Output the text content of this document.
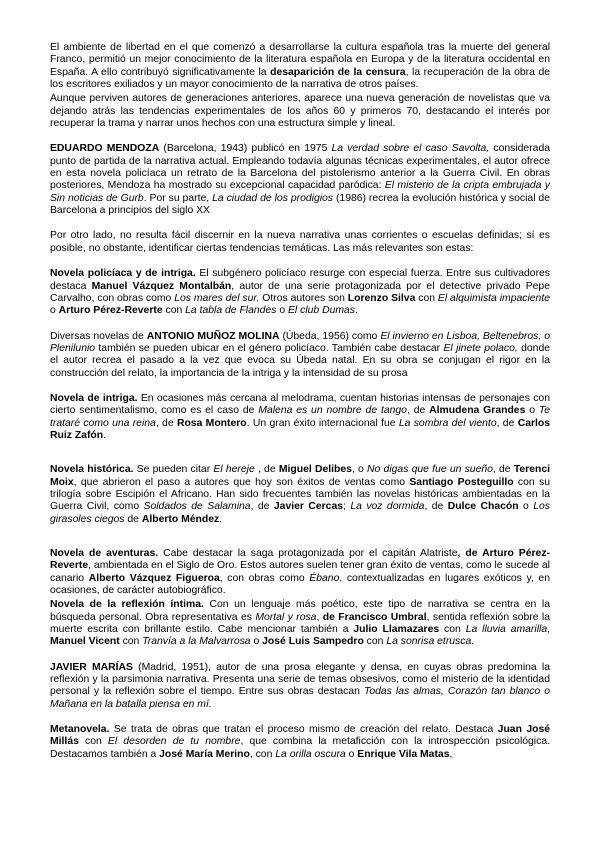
El ambiente de libertad en el que comenzó a desarrollarse la cultura española tras la muerte del general Franco, permitió un mejor conocimiento de la literatura española en Europa y de la literatura occidental en España. A ello contribuyó significativamente la desaparición de la censura, la recuperación de la obra de los escritores exiliados y un mayor conocimiento de la narrativa de otros países.

Aunque perviven autores de generaciones anteriores, aparece una nueva generación de novelistas que va dejando atrás las tendencias experimentales de los años 60 y primeros 70, destacando el interés por recuperar la trama y narrar unos hechos con una estructura simple y lineal.

EDUARDO MENDOZA (Barcelona, 1943) publicó en 1975 La verdad sobre el caso Savolta, considerada punto de partida de la narrativa actual. Empleando todavía algunas técnicas experimentales, el autor ofrece en esta novela policíaca un retrato de la Barcelona del pistolerismo anterior a la Guerra Civil. En obras posteriores, Mendoza ha mostrado su excepcional capacidad paródica: El misterio de la cripta embrujada y Sin noticias de Gurb. Por su parte, La ciudad de los prodigios (1986) recrea la evolución histórica y social de Barcelona a principios del siglo XX

Por otro lado, no resulta fácil discernir en la nueva narrativa unas corrientes o escuelas definidas; sí es posible, no obstante, identificar ciertas tendencias temáticas. Las más relevantes son estas:

Novela policíaca y de intriga. El subgénero policíaco resurge con especial fuerza. Entre sus cultivadores destaca Manuel Vázquez Montalbán, autor de una serie protagonizada por el detective privado Pepe Carvalho, con obras como Los mares del sur. Otros autores son Lorenzo Silva con El alquimista impaciente o Arturo Pérez-Reverte con La tabla de Flandes o El club Dumas.

Diversas novelas de ANTONIO MUÑOZ MOLINA (Úbeda, 1956) como El invierno en Lisboa, Beltenebros, o Plenilunio también se pueden ubicar en el género policíaco. También cabe destacar El jinete polaco, donde el autor recrea el pasado a la vez que evoca su Úbeda natal. En su obra se conjugan el rigor en la construcción del relato, la importancia de la intriga y la intensidad de su prosa

Novela de intriga. En ocasiones más cercana al melodrama, cuentan historias intensas de personajes con cierto sentimentalismo, como es el caso de Malena es un nombre de tango, de Almudena Grandes o Te trataré como una reina, de Rosa Montero. Un gran éxito internacional fue La sombra del viento, de Carlos Ruiz Zafón.

Novela histórica. Se pueden citar El hereje , de Miguel Delibes, o No digas que fue un sueño, de Terenci Moix, que abrieron el paso a autores que hoy son éxitos de ventas como Santiago Posteguillo con su trilogía sobre Escipión el Africano. Han sido frecuentes también las novelas históricas ambientadas en la Guerra Civil, como Soldados de Salamina, de Javier Cercas; La voz dormida, de Dulce Chacón o Los girasoles ciegos de Alberto Méndez.

Novela de aventuras. Cabe destacar la saga protagonizada por el capitán Alatriste, de Arturo Pérez-Reverte, ambientada en el Siglo de Oro. Estos autores suelen tener gran éxito de ventas, como le sucede al canario Alberto Vázquez Figueroa, con obras como Ébano, contextualizadas en lugares exóticos y, en ocasiones, de carácter autobiográfico.

Novela de la reflexión íntima. Con un lenguaje más poético, este tipo de narrativa se centra en la búsqueda personal. Obra representativa es Mortal y rosa, de Francisco Umbral, sentida reflexión sobre la muerte escrita con brillante estilo. Cabe mencionar también a Julio Llamazares con La lluvia amarilla, Manuel Vicent con Tranvía a la Malvarrosa o José Luis Sampedro con La sonrisa etrusca.

JAVIER MARÍAS (Madrid, 1951), autor de una prosa elegante y densa, en cuyas obras predomina la reflexión y la parsimonia narrativa. Presenta una serie de temas obsesivos, como el misterio de la identidad personal y la reflexión sobre el tiempo. Entre sus obras destacan Todas las almas, Corazón tan blanco o Mañana en la batalla piensa en mí.

Metanovela. Se trata de obras que tratan el proceso mismo de creación del relato. Destaca Juan José Millás con El desorden de tu nombre, que combina la metaficción con la introspección psicológica. Destacamos también a José María Merino, con La orilla oscura o Enrique Vila Matas,
